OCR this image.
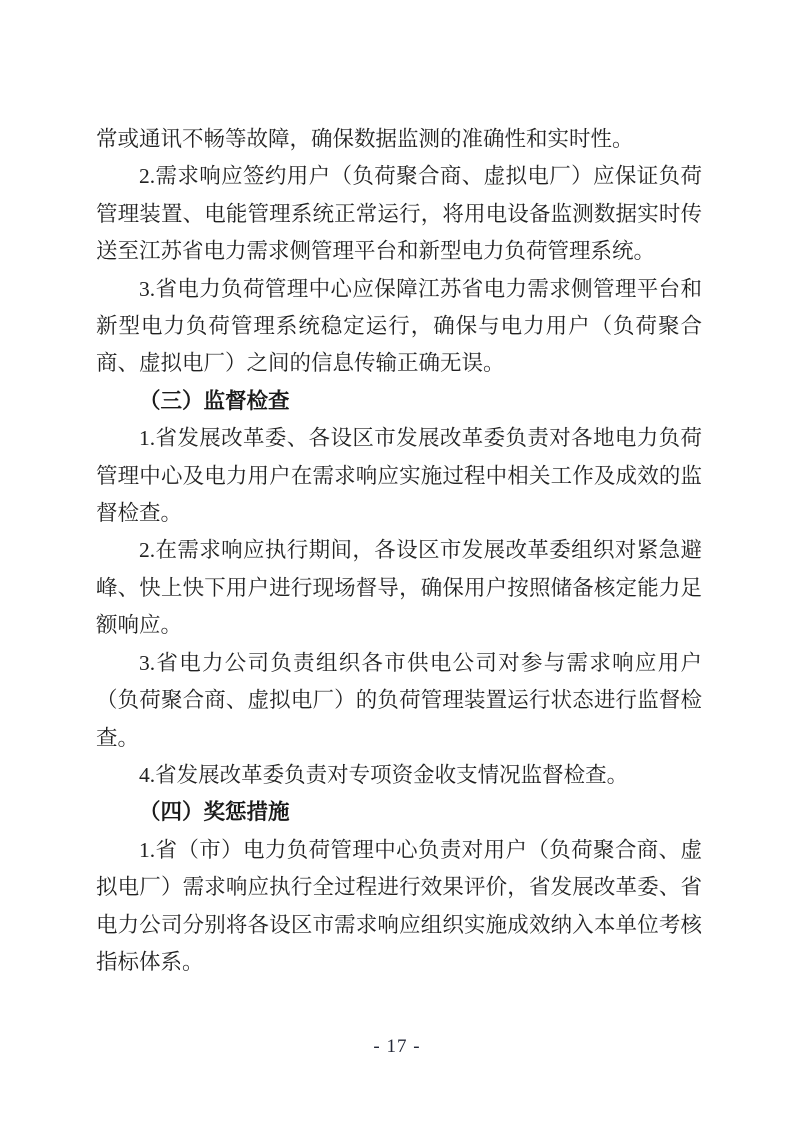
常或通讯不畅等故障，确保数据监测的准确性和实时性。

2.需求响应签约用户（负荷聚合商、虚拟电厂）应保证负荷管理装置、电能管理系统正常运行，将用电设备监测数据实时传送至江苏省电力需求侧管理平台和新型电力负荷管理系统。

3.省电力负荷管理中心应保障江苏省电力需求侧管理平台和新型电力负荷管理系统稳定运行，确保与电力用户（负荷聚合商、虚拟电厂）之间的信息传输正确无误。

（三）监督检查

1.省发展改革委、各设区市发展改革委负责对各地电力负荷管理中心及电力用户在需求响应实施过程中相关工作及成效的监督检查。

2.在需求响应执行期间，各设区市发展改革委组织对紧急避峰、快上快下用户进行现场督导，确保用户按照储备核定能力足额响应。

3.省电力公司负责组织各市供电公司对参与需求响应用户（负荷聚合商、虚拟电厂）的负荷管理装置运行状态进行监督检查。

4.省发展改革委负责对专项资金收支情况监督检查。

（四）奖惩措施

1.省（市）电力负荷管理中心负责对用户（负荷聚合商、虚拟电厂）需求响应执行全过程进行效果评价，省发展改革委、省电力公司分别将各设区市需求响应组织实施成效纳入本单位考核指标体系。

- 17 -
